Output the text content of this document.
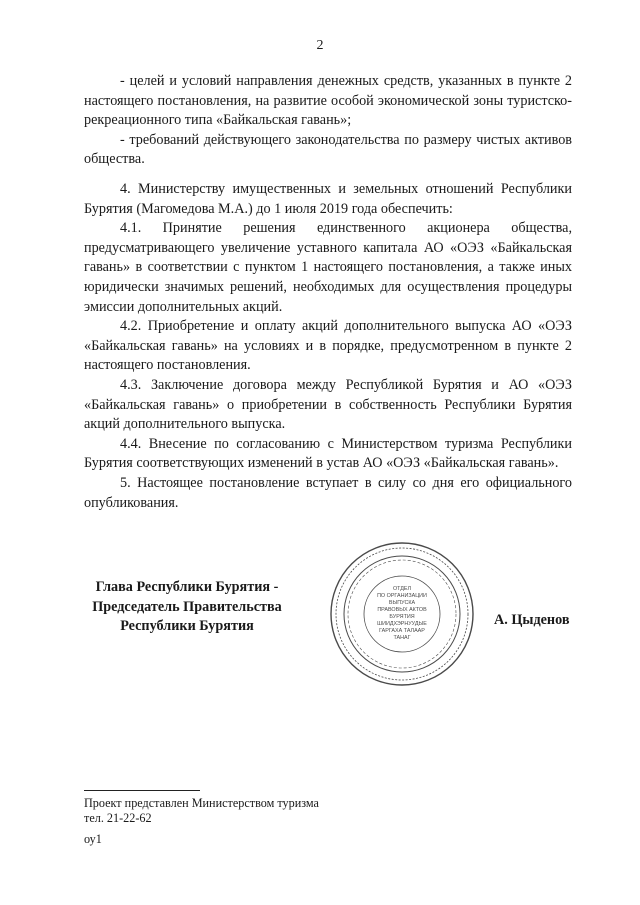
2

- целей и условий направления денежных средств, указанных в пункте 2 настоящего постановления, на развитие особой экономической зоны туристско-рекреационного типа «Байкальская гавань»;

- требований действующего законодательства по размеру чистых активов общества.

4. Министерству имущественных и земельных отношений Республики Бурятия (Магомедова М.А.) до 1 июля 2019 года обеспечить:

4.1. Принятие решения единственного акционера общества, предусматривающего увеличение уставного капитала АО «ОЭЗ «Байкальская гавань» в соответствии с пунктом 1 настоящего постановления, а также иных юридически значимых решений, необходимых для осуществления процедуры эмиссии дополнительных акций.

4.2. Приобретение и оплату акций дополнительного выпуска АО «ОЭЗ «Байкальская гавань» на условиях и в порядке, предусмотренном в пункте 2 настоящего постановления.

4.3. Заключение договора между Республикой Бурятия и АО «ОЭЗ «Байкальская гавань» о приобретении в собственность Республики Бурятия акций дополнительного выпуска.

4.4. Внесение по согласованию с Министерством туризма Республики Бурятия соответствующих изменений в устав АО «ОЭЗ «Байкальская гавань».

5. Настоящее постановление вступает в силу со дня его официального опубликования.

Глава Республики Бурятия -
Председатель Правительства
Республики Бурятия
ОТДЕЛ
ПО ОРГАНИЗАЦИИ
ВЫПУСКА
ПРАВОВЫХ АКТОВ
БУРЯТИЯ
ШИИДХЭРНУУДЫЕ
ГАРГАХА ТАЛААР
ТАНАГ
А. Цыденов
Проект представлен Министерством туризма
тел. 21-22-62
оу1
